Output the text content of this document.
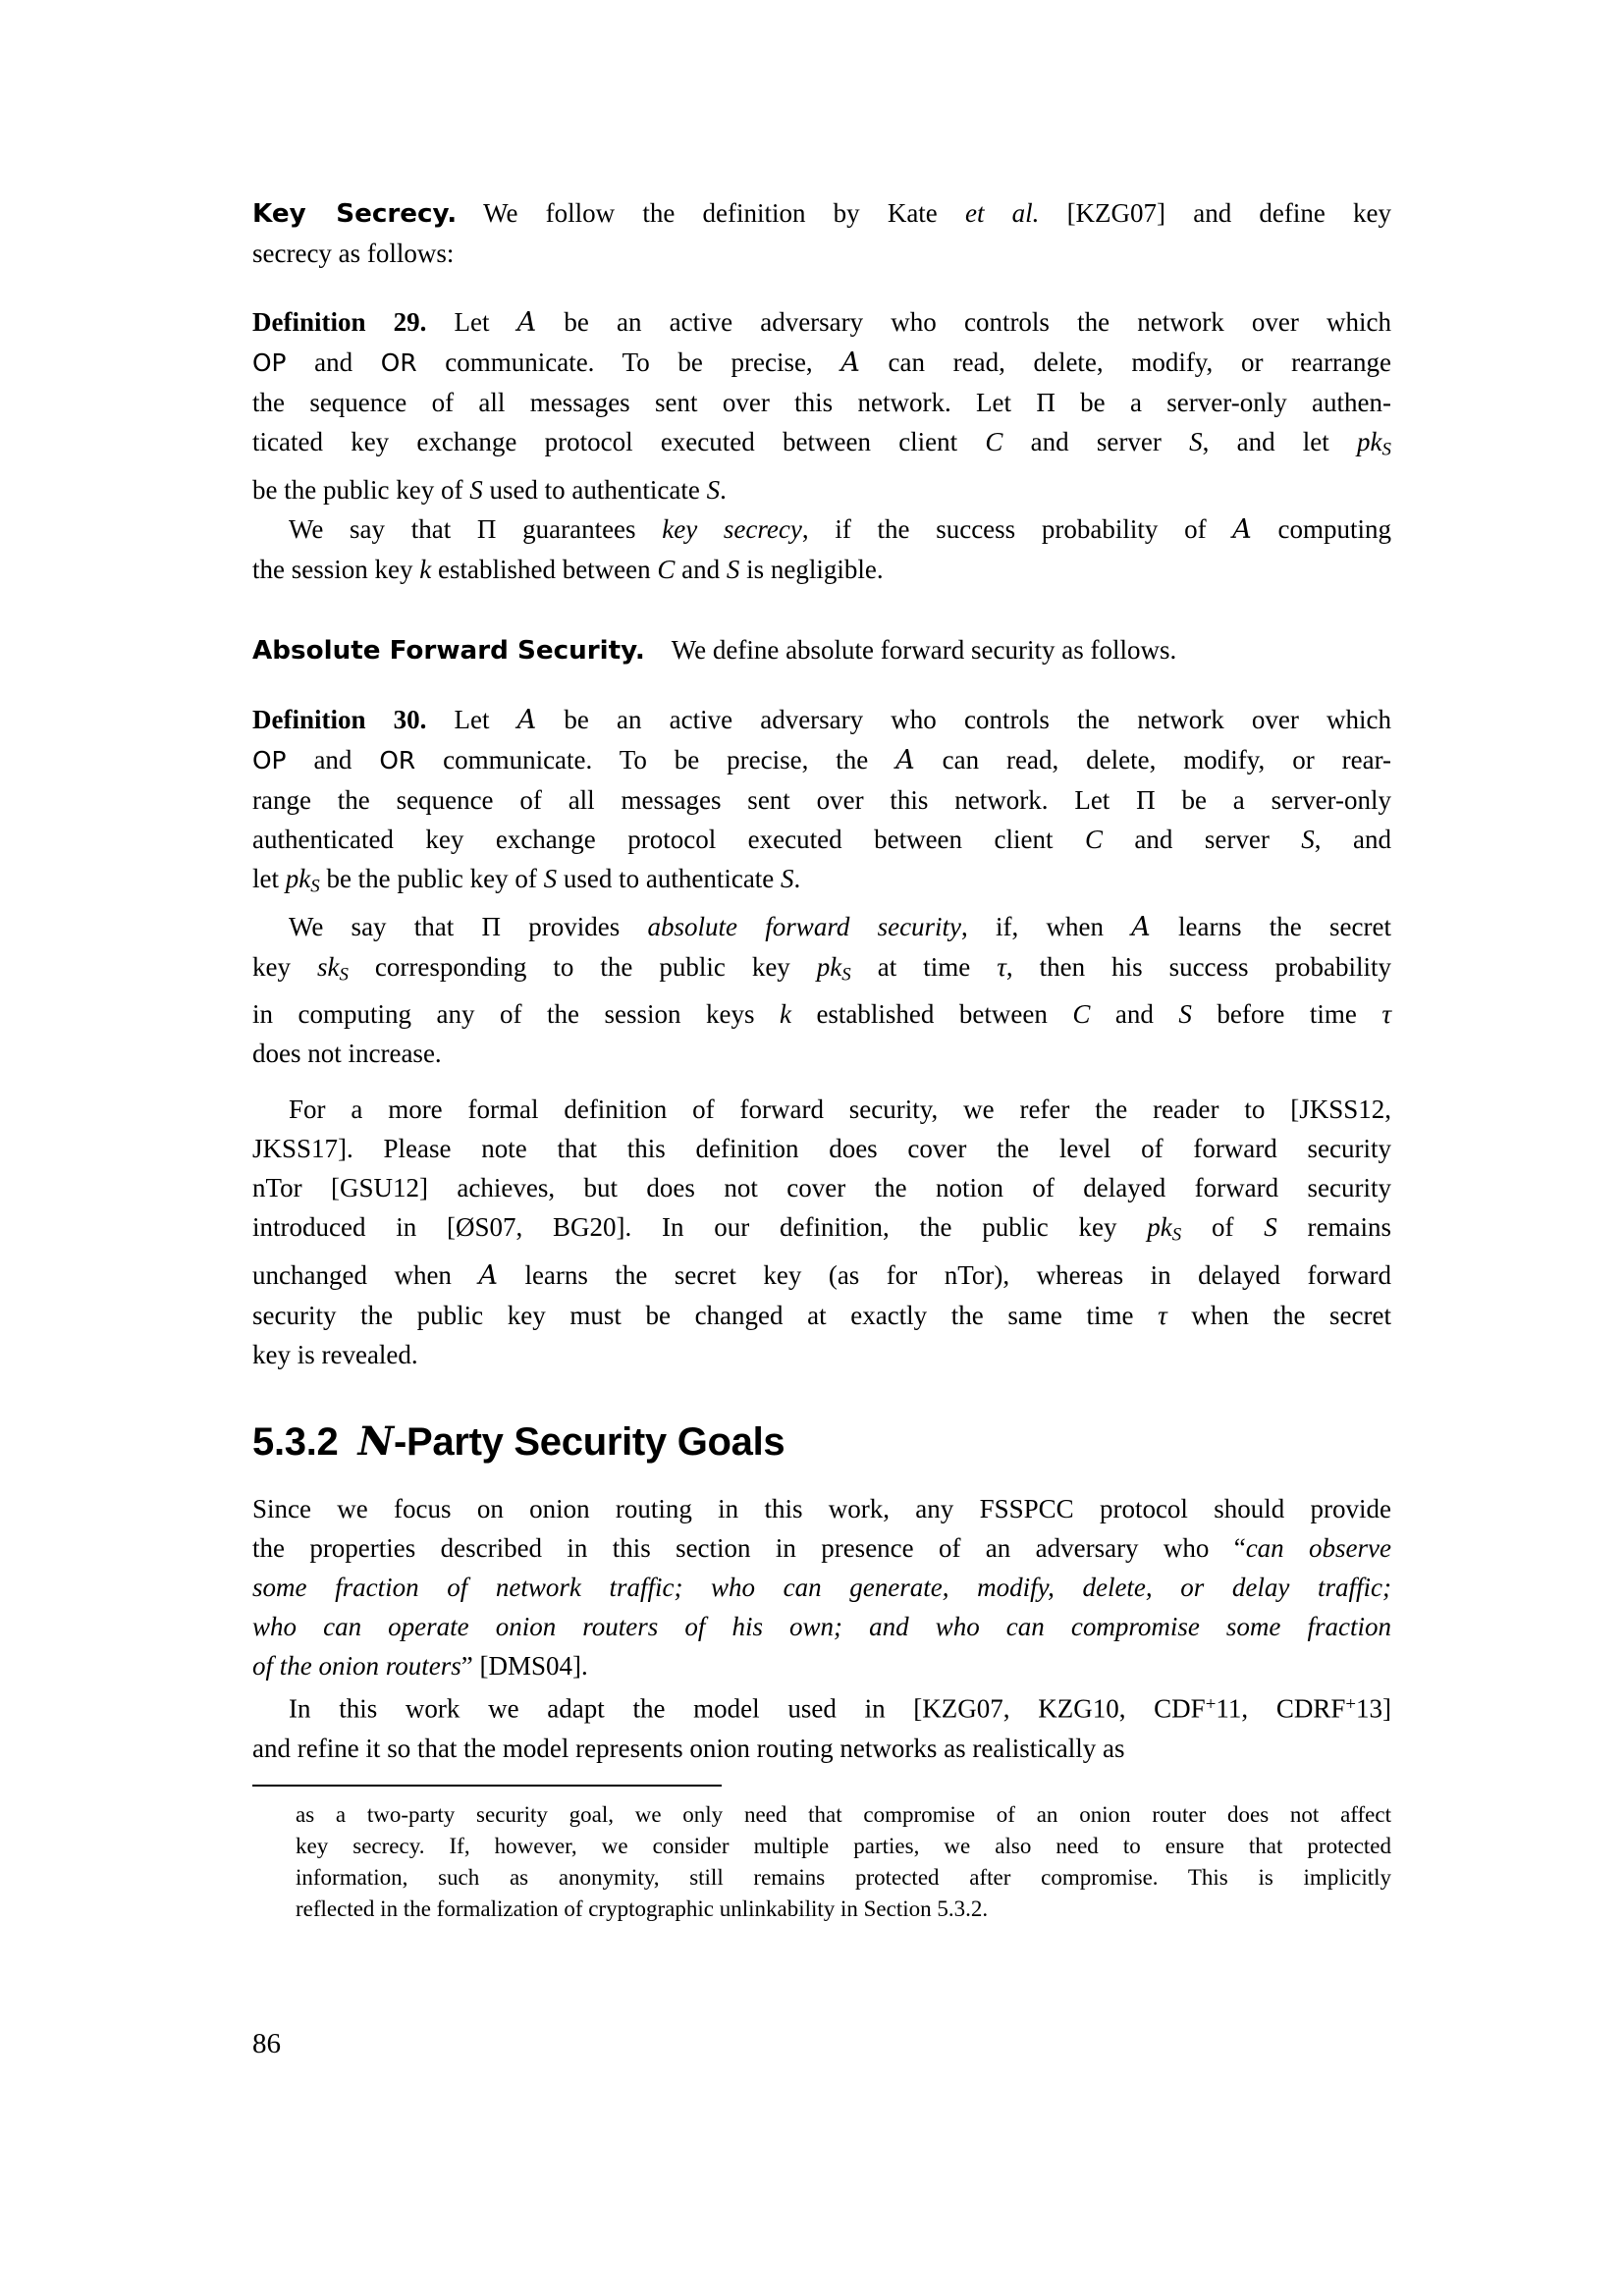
Key Secrecy. We follow the definition by Kate et al. [KZG07] and define key
secrecy as follows:
Definition 29. Let A be an active adversary who controls the network over which
OP and OR communicate. To be precise, A can read, delete, modify, or rearrange
the sequence of all messages sent over this network. Let Π be a server-only authen-
ticated key exchange protocol executed between client C and server S, and let pkS
be the public key of S used to authenticate S.
We say that Π guarantees key secrecy, if the success probability of A computing
the session key k established between C and S is negligible.
Absolute Forward Security. We define absolute forward security as follows.
Definition 30. Let A be an active adversary who controls the network over which
OP and OR communicate. To be precise, the A can read, delete, modify, or rear-
range the sequence of all messages sent over this network. Let Π be a server-only
authenticated key exchange protocol executed between client C and server S, and
let pkS be the public key of S used to authenticate S.
We say that Π provides absolute forward security, if, when A learns the secret
key skS corresponding to the public key pkS at time τ, then his success probability
in computing any of the session keys k established between C and S before time τ
does not increase.
For a more formal definition of forward security, we refer the reader to [JKSS12,
JKSS17]. Please note that this definition does cover the level of forward security
nTor [GSU12] achieves, but does not cover the notion of delayed forward security
introduced in [ØS07, BG20]. In our definition, the public key pkS of S remains
unchanged when A learns the secret key (as for nTor), whereas in delayed forward
security the public key must be changed at exactly the same time τ when the secret
key is revealed.
5.3.2  N-Party Security Goals
Since we focus on onion routing in this work, any FSSPCC protocol should provide
the properties described in this section in presence of an adversary who “can observe
some fraction of network traffic; who can generate, modify, delete, or delay traffic;
who can operate onion routers of his own; and who can compromise some fraction
of the onion routers” [DMS04].
In this work we adapt the model used in [KZG07, KZG10, CDF+11, CDRF+13]
and refine it so that the model represents onion routing networks as realistically as
as a two-party security goal, we only need that compromise of an onion router does not affect
key secrecy. If, however, we consider multiple parties, we also need to ensure that protected
information, such as anonymity, still remains protected after compromise. This is implicitly
reflected in the formalization of cryptographic unlinkability in Section 5.3.2.
86
